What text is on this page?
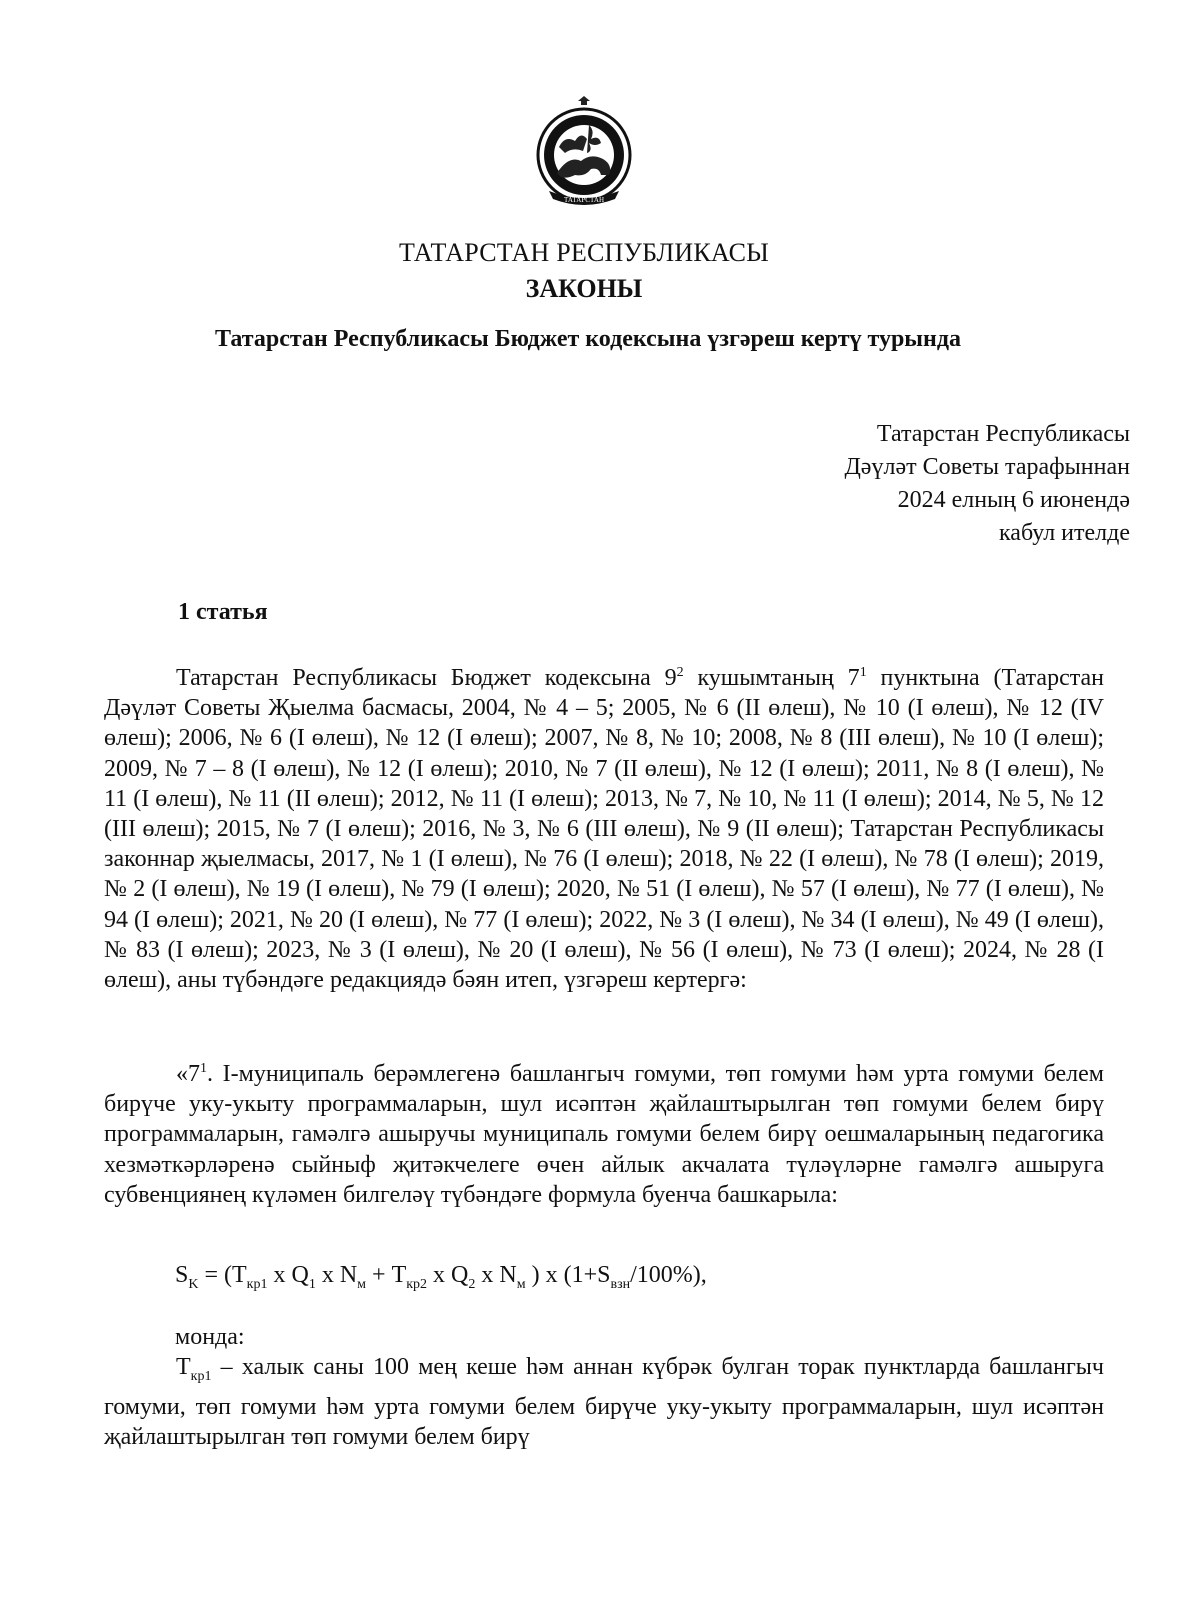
ТАТАРСТАН
ТАТАРСТАН РЕСПУБЛИКАСЫ
ЗАКОНЫ
Татарстан Республикасы Бюджет кодексына үзгәреш кертү турында
Татарстан Республикасы
Дәүләт Советы тарафыннан
2024 елның 6 июнендә
кабул ителде
1 статья

Татарстан Республикасы Бюджет кодексына $9^2$ кушымтаның $7^1$ пунктына (Татарстан Дәүләт Советы Җыелма басмасы, 2004, № 4 – 5; 2005, № 6 (II өлеш), № 10 (I өлеш), № 12 (IV өлеш); 2006, № 6 (I өлеш), № 12 (I өлеш); 2007, № 8, № 10; 2008, № 8 (III өлеш), № 10 (I өлеш); 2009, № 7 – 8 (I өлеш), № 12 (I өлеш); 2010, № 7 (II өлеш), № 12 (I өлеш); 2011, № 8 (I өлеш), № 11 (I өлеш), № 11 (II өлеш); 2012, № 11 (I өлеш); 2013, № 7, № 10, № 11 (I өлеш); 2014, № 5, № 12 (III өлеш); 2015, № 7 (I өлеш); 2016, № 3, № 6 (III өлеш), № 9 (II өлеш); Татарстан Республикасы законнар җыелмасы, 2017, № 1 (I өлеш), № 76 (I өлеш); 2018, № 22 (I өлеш), № 78 (I өлеш); 2019, № 2 (I өлеш), № 19 (I өлеш), № 79 (I өлеш); 2020, № 51 (I өлеш), № 57 (I өлеш), № 77 (I өлеш), № 94 (I өлеш); 2021, № 20 (I өлеш), № 77 (I өлеш); 2022, № 3 (I өлеш), № 34 (I өлеш), № 49 (I өлеш), № 83 (I өлеш); 2023, № 3 (I өлеш), № 20 (I өлеш), № 56 (I өлеш), № 73 (I өлеш); 2024, № 28 (I өлеш), аны түбәндәге редакциядә бәян итеп, үзгәреш кертергә:

«$7^1$. I-муниципаль берәмлегенә башлангыч гомуми, төп гомуми һәм урта гомуми белем бирүче уку-укыту программаларын, шул исәптән җайлаштырылган төп гомуми белем бирү программаларын, гамәлгә ашыручы муниципаль гомуми белем бирү оешмаларының педагогика хезмәткәрләренә сыйныф җитәкчелеге өчен айлык акчалата түләүләрне гамәлгә ашыруга субвенциянең күләмен билгеләү түбәндәге формула буенча башкарыла:

$S_K = (T_{кр1}$ x $Q_1$ x $N_м + T_{кр2}$ x $Q_2$ x $N_м$ ) x $(1+S_{взн}/100\%)$,
монда:

$Т_{кр1}$ – халык саны 100 мең кеше һәм аннан күбрәк булган торак пунктларда башлангыч гомуми, төп гомуми һәм урта гомуми белем бирүче уку-укыту программаларын, шул исәптән җайлаштырылган төп гомуми белем бирү
